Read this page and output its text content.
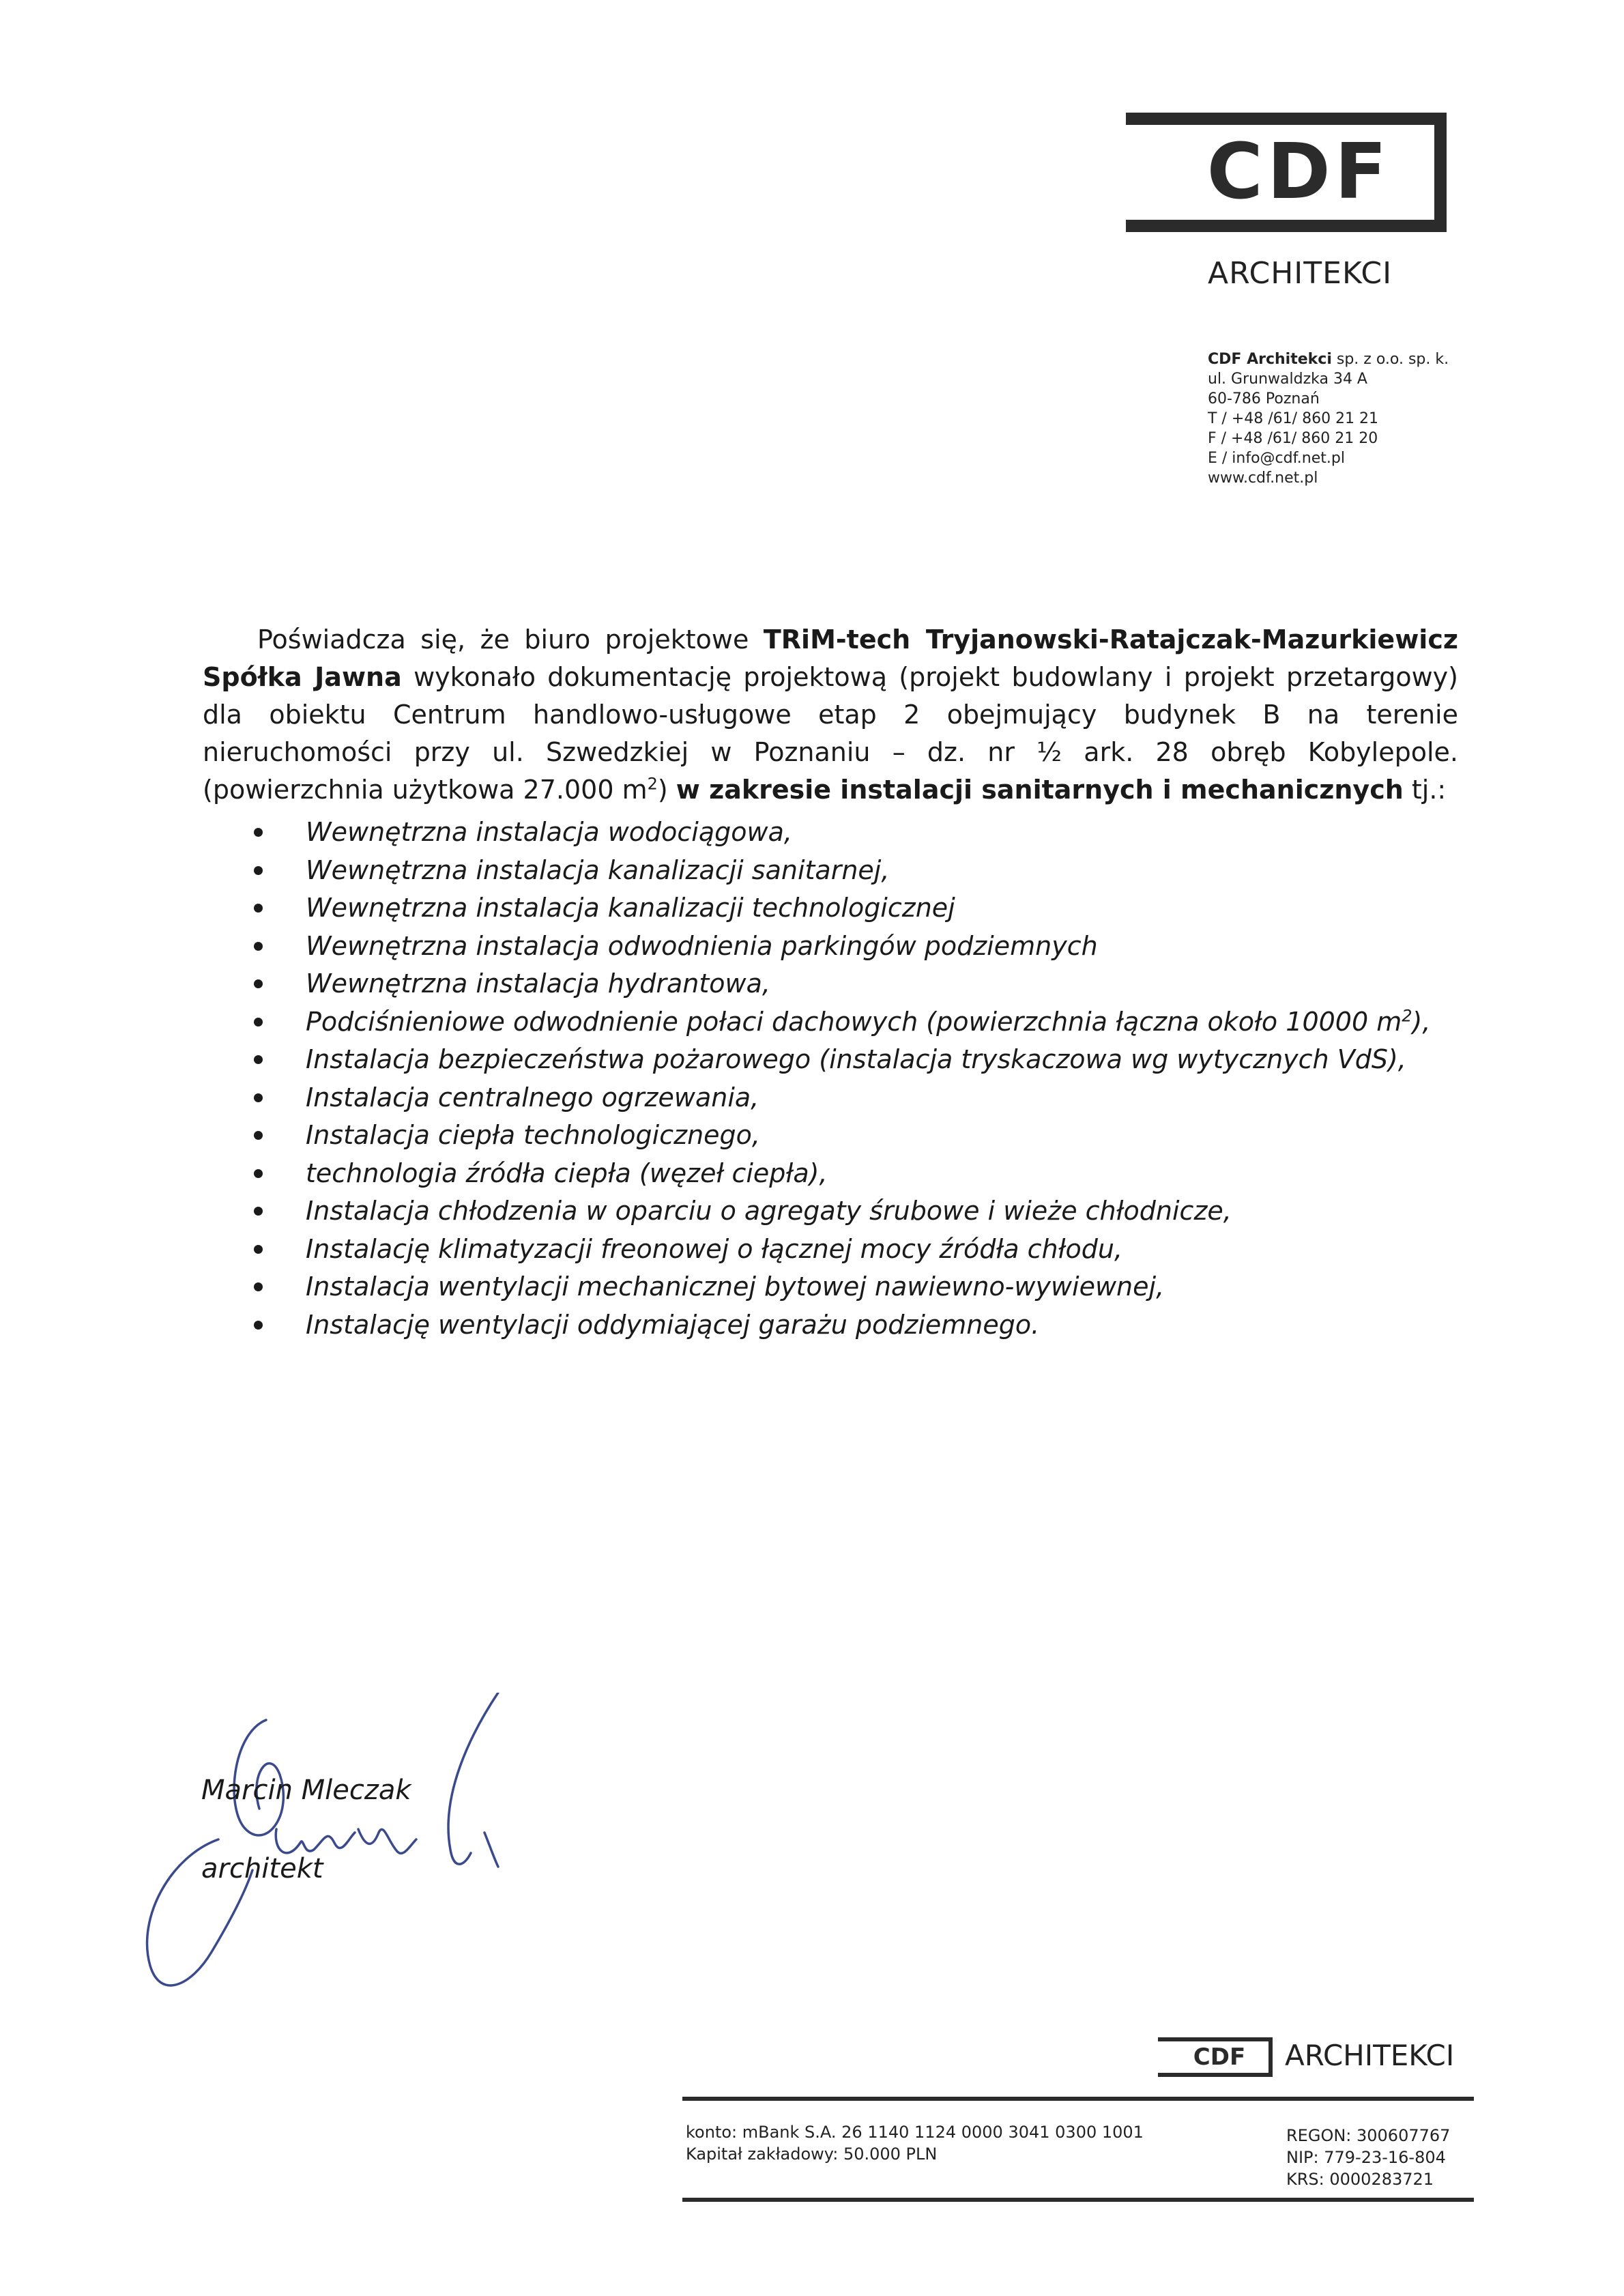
CDF
ARCHITEKCI
CDF Architekci sp. z o.o. sp. k.
ul. Grunwaldzka 34 A
60-786 Poznań
T / +48 /61/ 860 21 21
F / +48 /61/ 860 21 20
E / info@cdf.net.pl
www.cdf.net.pl
Poświadcza się, że biuro projektowe TRiM-tech Tryjanowski-Ratajczak-Mazurkiewicz Spółka Jawna wykonało dokumentację projektową (projekt budowlany i projekt przetargowy) dla obiektu Centrum handlowo-usługowe etap 2 obejmujący budynek B na terenie nieruchomości przy ul. Szwedzkiej w Poznaniu – dz. nr ½ ark. 28 obręb Kobylepole. (powierzchnia użytkowa 27.000 $m^2$) w zakresie instalacji sanitarnych i mechanicznych tj.:
Wewnętrzna instalacja wodociągowa,
Wewnętrzna instalacja kanalizacji sanitarnej,
Wewnętrzna instalacja kanalizacji technologicznej
Wewnętrzna instalacja odwodnienia parkingów podziemnych
Wewnętrzna instalacja hydrantowa,
Podciśnieniowe odwodnienie połaci dachowych (powierzchnia łączna około 10000 $m^2$),
Instalacja bezpieczeństwa pożarowego (instalacja tryskaczowa wg wytycznych VdS),
Instalacja centralnego ogrzewania,
Instalacja ciepła technologicznego,
technologia źródła ciepła (węzeł ciepła),
Instalacja chłodzenia w oparciu o agregaty śrubowe i wieże chłodnicze,
Instalację klimatyzacji freonowej o łącznej mocy źródła chłodu,
Instalacja wentylacji mechanicznej bytowej nawiewno-wywiewnej,
Instalację wentylacji oddymiającej garażu podziemnego.
Marcin Mleczak
architekt
CDF	ARCHITEKCI
konto: mBank S.A. 26 1140 1124 0000 3041 0300 1001
Kapitał zakładowy: 50.000 PLN
REGON: 300607767
NIP: 779-23-16-804
KRS: 0000283721
